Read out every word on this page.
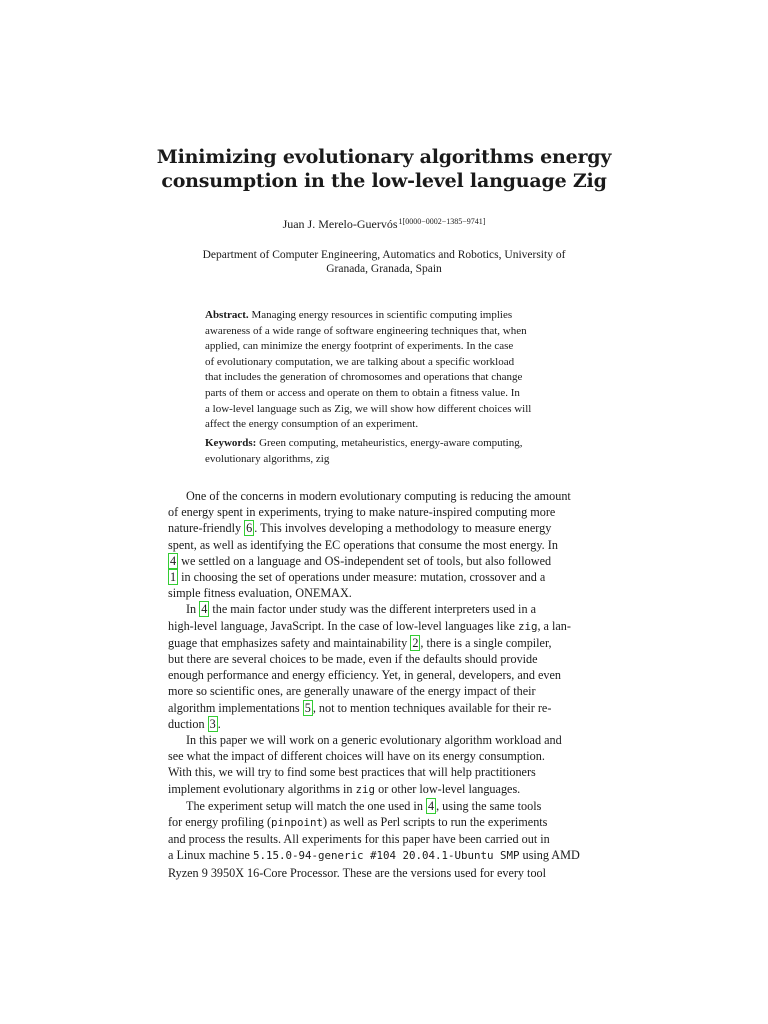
Minimizing evolutionary algorithms energy
consumption in the low-level language Zig
Juan J. Merelo-Guervós$^{1[0000-0002-1385-9741]}$
Department of Computer Engineering, Automatics and Robotics, University of
Granada, Granada, Spain
Abstract. Managing energy resources in scientific computing implies
awareness of a wide range of software engineering techniques that, when
applied, can minimize the energy footprint of experiments. In the case
of evolutionary computation, we are talking about a specific workload
that includes the generation of chromosomes and operations that change
parts of them or access and operate on them to obtain a fitness value. In
a low-level language such as Zig, we will show how different choices will
affect the energy consumption of an experiment.
Keywords: Green computing, metaheuristics, energy-aware computing,
evolutionary algorithms, zig
One of the concerns in modern evolutionary computing is reducing the amount
of energy spent in experiments, trying to make nature-inspired computing more
nature-friendly 6 . This involves developing a methodology to measure energy
spent, as well as identifying the EC operations that consume the most energy. In
4 we settled on a language and OS-independent set of tools, but also followed
1 in choosing the set of operations under measure: mutation, crossover and a
simple fitness evaluation, ONEMAX.
In 4 the main factor under study was the different interpreters used in a
high-level language, JavaScript. In the case of low-level languages like zig, a lan-
guage that emphasizes safety and maintainability 2 , there is a single compiler,
but there are several choices to be made, even if the defaults should provide
enough performance and energy efficiency. Yet, in general, developers, and even
more so scientific ones, are generally unaware of the energy impact of their
algorithm implementations 5 , not to mention techniques available for their re-
duction 3 .
In this paper we will work on a generic evolutionary algorithm workload and
see what the impact of different choices will have on its energy consumption.
With this, we will try to find some best practices that will help practitioners
implement evolutionary algorithms in zig or other low-level languages.
The experiment setup will match the one used in 4 , using the same tools
for energy profiling (pinpoint) as well as Perl scripts to run the experiments
and process the results. All experiments for this paper have been carried out in
a Linux machine 5.15.0-94-generic #104 20.04.1-Ubuntu SMP using AMD
Ryzen 9 3950X 16-Core Processor. These are the versions used for every tool
